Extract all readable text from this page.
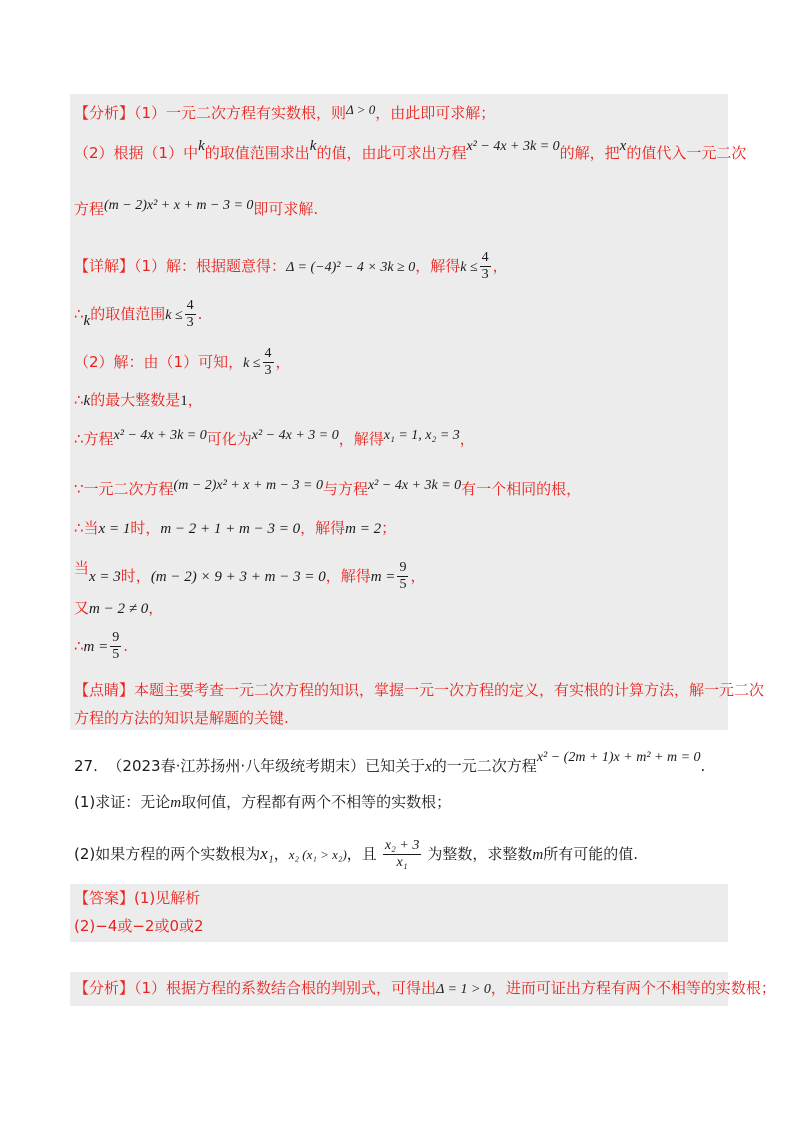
【分析】（1）一元二次方程有实数根，则Δ > 0，由此即可求解；
（2）根据（1）中k的取值范围求出k的值，由此可求出方程x² − 4x + 3k = 0的解，把x的值代入一元二次
方程(m − 2)x² + x + m − 3 = 0即可求解.
【详解】（1）解：根据题意得：Δ = (−4)² − 4 × 3k ≥ 0，解得$k \le \frac{4}{3}$ ，
∴k的取值范围$k \le \frac{4}{3}$ .
（2）解：由（1）可知，$k \le \frac{4}{3}$ ，
∴k的最大整数是1，
∴方程x² − 4x + 3k = 0可化为x² − 4x + 3 = 0，解得x₁ = 1, x₂ = 3，
∵一元二次方程(m − 2)x² + x + m − 3 = 0与方程x² − 4x + 3k = 0有一个相同的根，
∴当x = 1时，m − 2 + 1 + m − 3 = 0，解得m = 2；
当x = 3时，(m − 2) × 9 + 3 + m − 3 = 0，解得$m = \frac{9}{5}$ ，
又m − 2 ≠ 0，
∴m = $\frac{9}{5}$ .
【点睛】本题主要考查一元二次方程的知识，掌握一元一次方程的定义，有实根的计算方法，解一元二次
方程的方法的知识是解题的关键.
27. （2023春·江苏扬州·八年级统考期末）已知关于x的一元二次方程x² − (2m + 1)x + m² + m = 0.
(1)求证：无论m取何值，方程都有两个不相等的实数根；
(2)如果方程的两个实数根为x₁，x₂ (x₁ > x₂)，且 $\frac{\text{x₂ + 3}}{\text{x₁}}$ 为整数，求整数m所有可能的值.
【答案】(1)见解析
(2)−4或−2或0或2
【分析】（1）根据方程的系数结合根的判别式，可得出Δ = 1 > 0，进而可证出方程有两个不相等的实数根；
